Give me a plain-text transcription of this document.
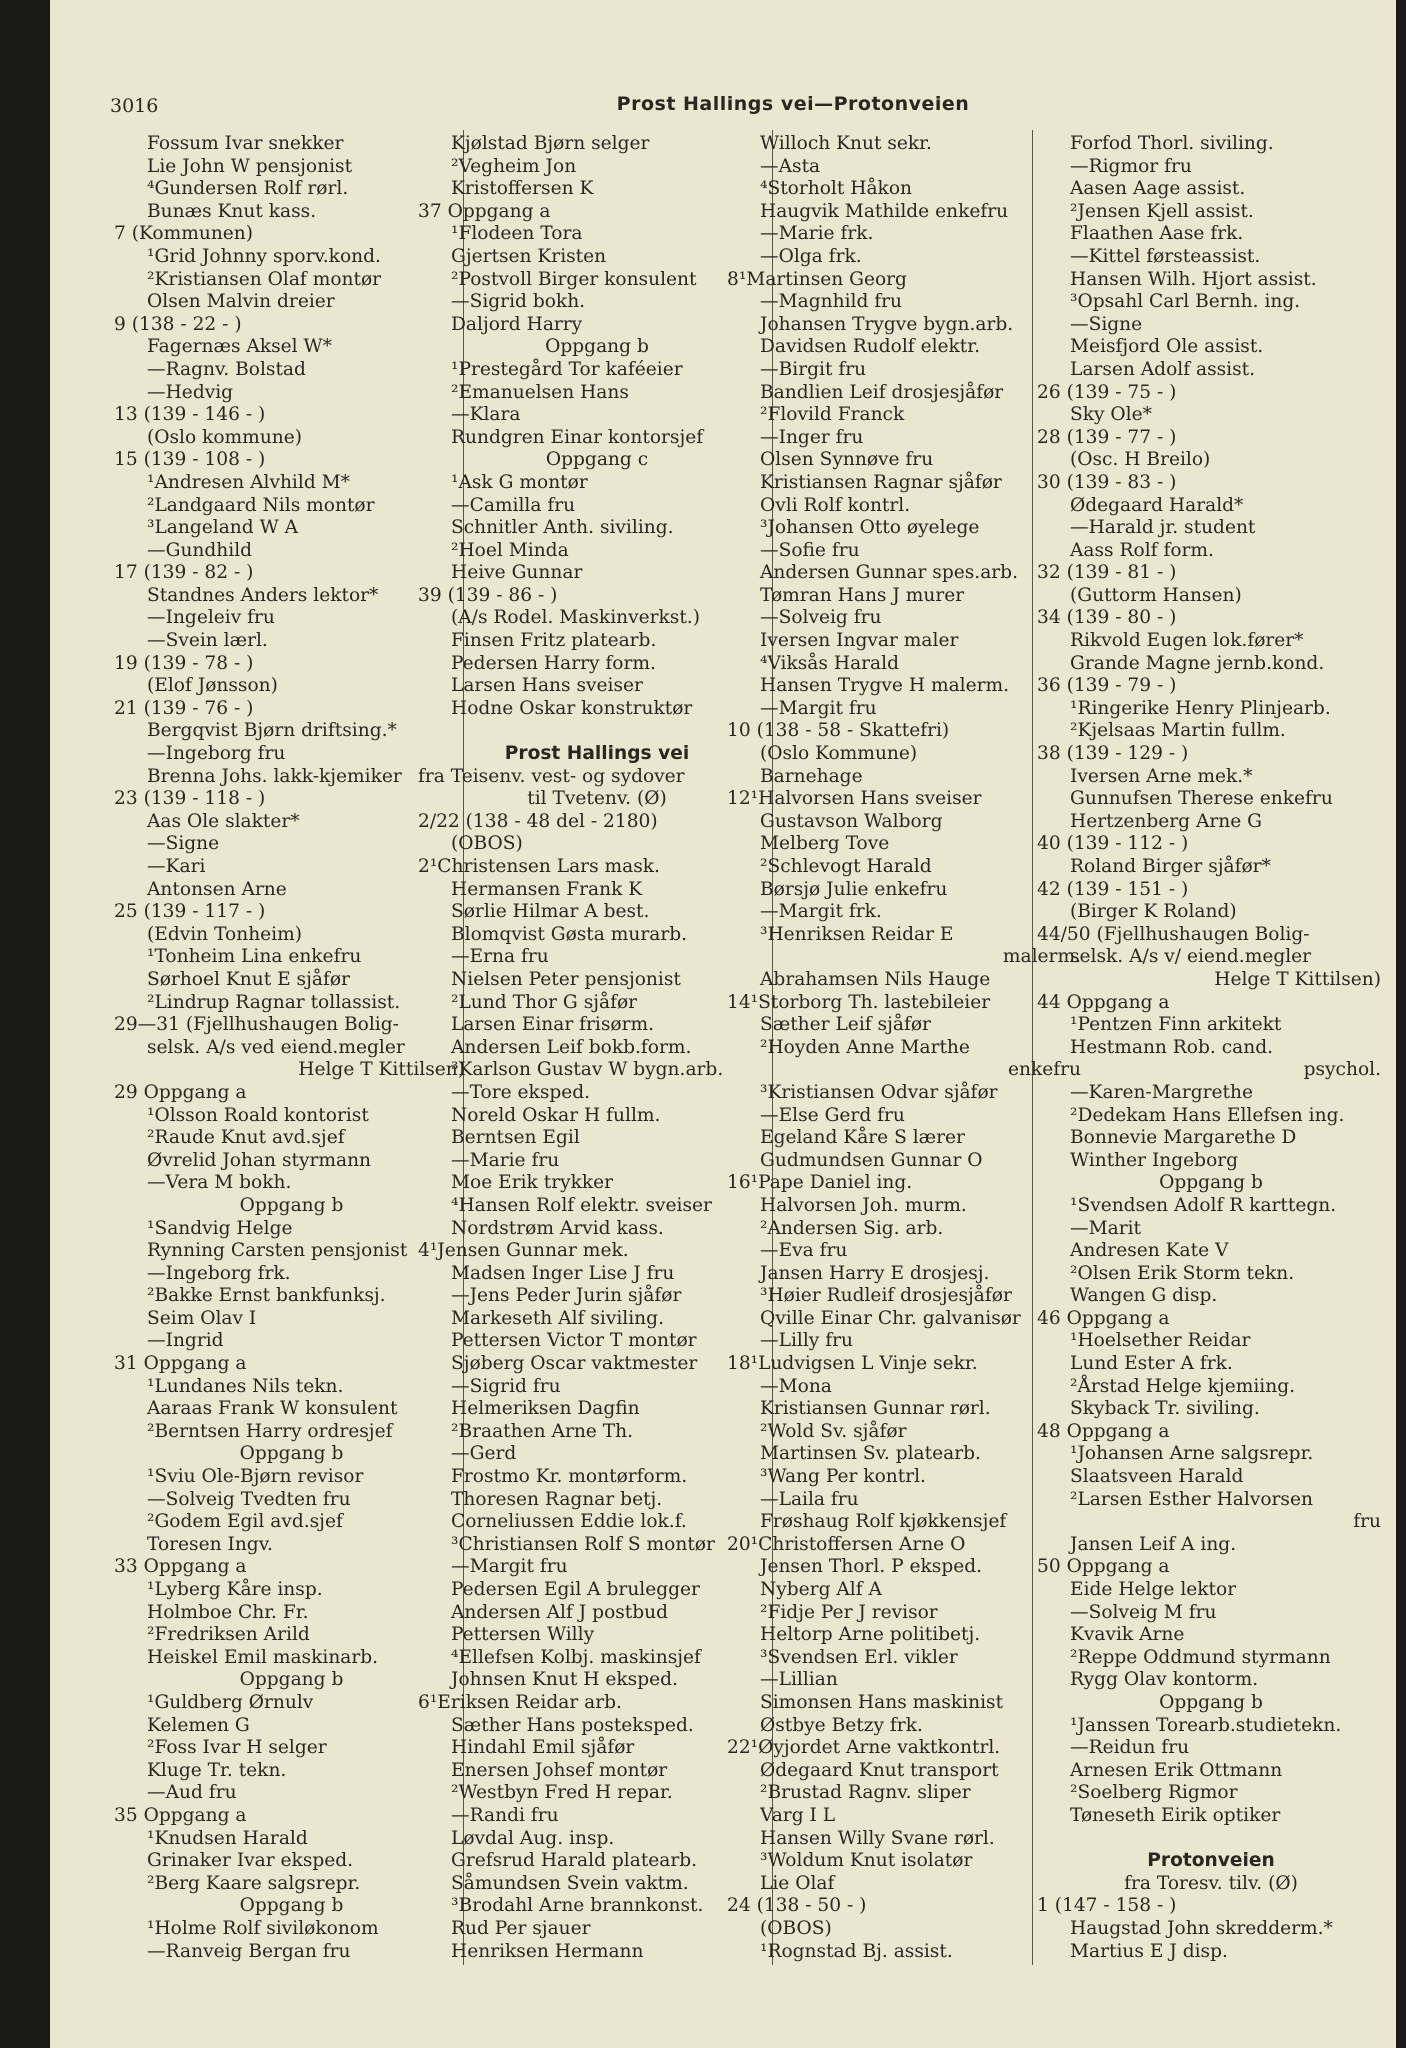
3016	Prost Hallings vei—Protonveien
Fossum Ivar snekker
Lie John W pensjonist
⁴Gundersen Rolf rørl.
Bunæs Knut kass.
7 (Kommunen)
¹Grid Johnny sporv.kond.
²Kristiansen Olaf montør
Olsen Malvin dreier
9 (138 - 22 - )
Fagernæs Aksel W*
—Ragnv. Bolstad
—Hedvig
13 (139 - 146 - )
(Oslo kommune)
15 (139 - 108 - )
¹Andresen Alvhild M*
²Landgaard Nils montør
³Langeland W A
—Gundhild
17 (139 - 82 - )
Standnes Anders lektor*
—Ingeleiv fru
—Svein lærl.
19 (139 - 78 - )
(Elof Jønsson)
21 (139 - 76 - )
Bergqvist Bjørn driftsing.*
—Ingeborg fru
Brenna Johs. lakk-kjemiker
23 (139 - 118 - )
Aas Ole slakter*
—Signe
—Kari
Antonsen Arne
25 (139 - 117 - )
(Edvin Tonheim)
¹Tonheim Lina enkefru
Sørhoel Knut E sjåfør
²Lindrup Ragnar tollassist.
29—31 (Fjellhushaugen Bolig-
selsk. A/s ved eiend.megler
Helge T Kittilsen)
29 Oppgang a
¹Olsson Roald kontorist
²Raude Knut avd.sjef
Øvrelid Johan styrmann
—Vera M bokh.
Oppgang b
¹Sandvig Helge
Rynning Carsten pensjonist
—Ingeborg frk.
²Bakke Ernst bankfunksj.
Seim Olav I
—Ingrid
31 Oppgang a
¹Lundanes Nils tekn.
Aaraas Frank W konsulent
²Berntsen Harry ordresjef
Oppgang b
¹Sviu Ole-Bjørn revisor
—Solveig Tvedten fru
²Godem Egil avd.sjef
Toresen Ingv.
33 Oppgang a
¹Lyberg Kåre insp.
Holmboe Chr. Fr.
²Fredriksen Arild
Heiskel Emil maskinarb.
Oppgang b
¹Guldberg Ørnulv
Kelemen G
²Foss Ivar H selger
Kluge Tr. tekn.
—Aud fru
35 Oppgang a
¹Knudsen Harald
Grinaker Ivar eksped.
²Berg Kaare salgsrepr.
Oppgang b
¹Holme Rolf siviløkonom
—Ranveig Bergan fru
Kjølstad Bjørn selger
²Vegheim Jon
Kristoffersen K
37 Oppgang a
¹Flodeen Tora
Gjertsen Kristen
²Postvoll Birger konsulent
—Sigrid bokh.
Daljord Harry
Oppgang b
¹Prestegård Tor kaféeier
²Emanuelsen Hans
—Klara
Rundgren Einar kontorsjef
Oppgang c
¹Ask G montør
—Camilla fru
Schnitler Anth. siviling.
²Hoel Minda
Heive Gunnar
39 (139 - 86 - )
(A/s Rodel. Maskinverkst.)
Finsen Fritz platearb.
Pedersen Harry form.
Larsen Hans sveiser
Hodne Oskar konstruktør
Prost Hallings vei
fra Teisenv. vest- og sydover
til Tvetenv. (Ø)
2/22 (138 - 48 del - 2180)
(OBOS)
2¹Christensen Lars mask.
Hermansen Frank K
Sørlie Hilmar A best.
Blomqvist Gøsta murarb.
—Erna fru
Nielsen Peter pensjonist
²Lund Thor G sjåfør
Larsen Einar frisørm.
Andersen Leif bokb.form.
³Karlson Gustav W bygn.arb.
—Tore eksped.
Noreld Oskar H fullm.
Berntsen Egil
—Marie fru
Moe Erik trykker
⁴Hansen Rolf elektr. sveiser
Nordstrøm Arvid kass.
4¹Jensen Gunnar mek.
Madsen Inger Lise J fru
—Jens Peder Jurin sjåfør
Markeseth Alf siviling.
Pettersen Victor T montør
Sjøberg Oscar vaktmester
—Sigrid fru
Helmeriksen Dagfin
²Braathen Arne Th.
—Gerd
Frostmo Kr. montørform.
Thoresen Ragnar betj.
Corneliussen Eddie lok.f.
³Christiansen Rolf S montør
—Margit fru
Pedersen Egil A brulegger
Andersen Alf J postbud
Pettersen Willy
⁴Ellefsen Kolbj. maskinsjef
Johnsen Knut H eksped.
6¹Eriksen Reidar arb.
Sæther Hans posteksped.
Hindahl Emil sjåfør
Enersen Johsef montør
²Westbyn Fred H repar.
—Randi fru
Løvdal Aug. insp.
Grefsrud Harald platearb.
Såmundsen Svein vaktm.
³Brodahl Arne brannkonst.
Rud Per sjauer
Henriksen Hermann
Willoch Knut sekr.
—Asta
⁴Storholt Håkon
Haugvik Mathilde enkefru
—Marie frk.
—Olga frk.
8¹Martinsen Georg
—Magnhild fru
Johansen Trygve bygn.arb.
Davidsen Rudolf elektr.
—Birgit fru
Bandlien Leif drosjesjåfør
²Flovild Franck
—Inger fru
Olsen Synnøve fru
Kristiansen Ragnar sjåfør
Ovli Rolf kontrl.
³Johansen Otto øyelege
—Sofie fru
Andersen Gunnar spes.arb.
Tømran Hans J murer
—Solveig fru
Iversen Ingvar maler
⁴Viksås Harald
Hansen Trygve H malerm.
—Margit fru
10 (138 - 58 - Skattefri)
(Oslo Kommune)
Barnehage
12¹Halvorsen Hans sveiser
Gustavson Walborg
Melberg Tove
²Schlevogt Harald
Børsjø Julie enkefru
—Margit frk.
³Henriksen Reidar E
malerm.
Abrahamsen Nils Hauge
14¹Storborg Th. lastebileier
Sæther Leif sjåfør
²Hoyden Anne Marthe
enkefru
³Kristiansen Odvar sjåfør
—Else Gerd fru
Egeland Kåre S lærer
Gudmundsen Gunnar O
16¹Pape Daniel ing.
Halvorsen Joh. murm.
²Andersen Sig. arb.
—Eva fru
Jansen Harry E drosjesj.
³Høier Rudleif drosjesjåfør
Qville Einar Chr. galvanisør
—Lilly fru
18¹Ludvigsen L Vinje sekr.
—Mona
Kristiansen Gunnar rørl.
²Wold Sv. sjåfør
Martinsen Sv. platearb.
³Wang Per kontrl.
—Laila fru
Frøshaug Rolf kjøkkensjef
20¹Christoffersen Arne O
Jensen Thorl. P eksped.
Nyberg Alf A
²Fidje Per J revisor
Heltorp Arne politibetj.
³Svendsen Erl. vikler
—Lillian
Simonsen Hans maskinist
Østbye Betzy frk.
22¹Øyjordet Arne vaktkontrl.
Ødegaard Knut transport
²Brustad Ragnv. sliper
Varg I L
Hansen Willy Svane rørl.
³Woldum Knut isolatør
Lie Olaf
24 (138 - 50 - )
(OBOS)
¹Rognstad Bj. assist.
Forfod Thorl. siviling.
—Rigmor fru
Aasen Aage assist.
²Jensen Kjell assist.
Flaathen Aase frk.
—Kittel førsteassist.
Hansen Wilh. Hjort assist.
³Opsahl Carl Bernh. ing.
—Signe
Meisfjord Ole assist.
Larsen Adolf assist.
26 (139 - 75 - )
Sky Ole*
28 (139 - 77 - )
(Osc. H Breilo)
30 (139 - 83 - )
Ødegaard Harald*
—Harald jr. student
Aass Rolf form.
32 (139 - 81 - )
(Guttorm Hansen)
34 (139 - 80 - )
Rikvold Eugen lok.fører*
Grande Magne jernb.kond.
36 (139 - 79 - )
¹Ringerike Henry Plinjearb.
²Kjelsaas Martin fullm.
38 (139 - 129 - )
Iversen Arne mek.*
Gunnufsen Therese enkefru
Hertzenberg Arne G
40 (139 - 112 - )
Roland Birger sjåfør*
42 (139 - 151 - )
(Birger K Roland)
44/50 (Fjellhushaugen Bolig-
selsk. A/s v/ eiend.megler
Helge T Kittilsen)
44 Oppgang a
¹Pentzen Finn arkitekt
Hestmann Rob. cand.
psychol.
—Karen-Margrethe
²Dedekam Hans Ellefsen ing.
Bonnevie Margarethe D
Winther Ingeborg
Oppgang b
¹Svendsen Adolf R karttegn.
—Marit
Andresen Kate V
²Olsen Erik Storm tekn.
Wangen G disp.
46 Oppgang a
¹Hoelsether Reidar
Lund Ester A frk.
²Årstad Helge kjemiing.
Skyback Tr. siviling.
48 Oppgang a
¹Johansen Arne salgsrepr.
Slaatsveen Harald
²Larsen Esther Halvorsen
fru
Jansen Leif A ing.
50 Oppgang a
Eide Helge lektor
—Solveig M fru
Kvavik Arne
²Reppe Oddmund styrmann
Rygg Olav kontorm.
Oppgang b
¹Janssen Torearb.studietekn.
—Reidun fru
Arnesen Erik Ottmann
²Soelberg Rigmor
Tøneseth Eirik optiker
Protonveien
fra Toresv. tilv. (Ø)
1 (147 - 158 - )
Haugstad John skredderm.*
Martius E J disp.
